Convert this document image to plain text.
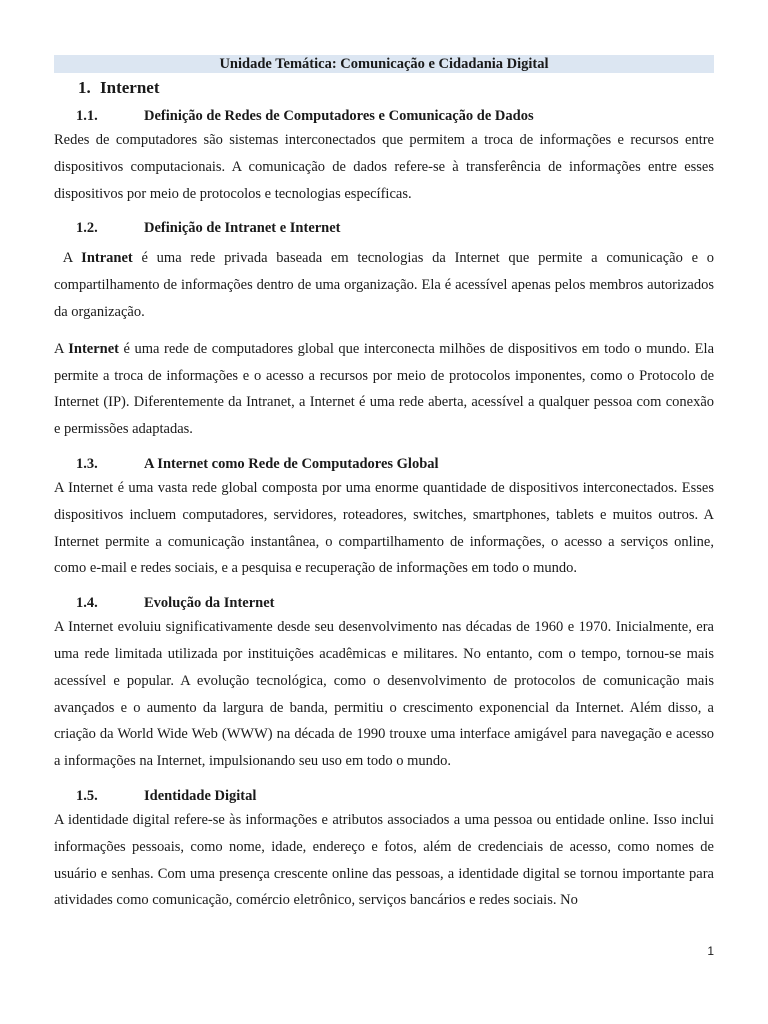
Unidade Temática: Comunicação e Cidadania Digital
1. Internet
1.1.	Definição de Redes de Computadores e Comunicação de Dados

Redes de computadores são sistemas interconectados que permitem a troca de informações e recursos entre dispositivos computacionais. A comunicação de dados refere-se à transferência de informações entre esses dispositivos por meio de protocolos e tecnologias específicas.

1.2.	Definição de Intranet e Internet

A Intranet é uma rede privada baseada em tecnologias da Internet que permite a comunicação e o compartilhamento de informações dentro de uma organização. Ela é acessível apenas pelos membros autorizados da organização.

A Internet é uma rede de computadores global que interconecta milhões de dispositivos em todo o mundo. Ela permite a troca de informações e o acesso a recursos por meio de protocolos imponentes, como o Protocolo de Internet (IP). Diferentemente da Intranet, a Internet é uma rede aberta, acessível a qualquer pessoa com conexão e permissões adaptadas.

1.3.	A Internet como Rede de Computadores Global

A Internet é uma vasta rede global composta por uma enorme quantidade de dispositivos interconectados. Esses dispositivos incluem computadores, servidores, roteadores, switches, smartphones, tablets e muitos outros. A Internet permite a comunicação instantânea, o compartilhamento de informações, o acesso a serviços online, como e-mail e redes sociais, e a pesquisa e recuperação de informações em todo o mundo.

1.4.	Evolução da Internet

A Internet evoluiu significativamente desde seu desenvolvimento nas décadas de 1960 e 1970. Inicialmente, era uma rede limitada utilizada por instituições acadêmicas e militares. No entanto, com o tempo, tornou-se mais acessível e popular. A evolução tecnológica, como o desenvolvimento de protocolos de comunicação mais avançados e o aumento da largura de banda, permitiu o crescimento exponencial da Internet. Além disso, a criação da World Wide Web (WWW) na década de 1990 trouxe uma interface amigável para navegação e acesso a informações na Internet, impulsionando seu uso em todo o mundo.

1.5.	Identidade Digital

A identidade digital refere-se às informações e atributos associados a uma pessoa ou entidade online. Isso inclui informações pessoais, como nome, idade, endereço e fotos, além de credenciais de acesso, como nomes de usuário e senhas. Com uma presença crescente online das pessoas, a identidade digital se tornou importante para atividades como comunicação, comércio eletrônico, serviços bancários e redes sociais. No

1
